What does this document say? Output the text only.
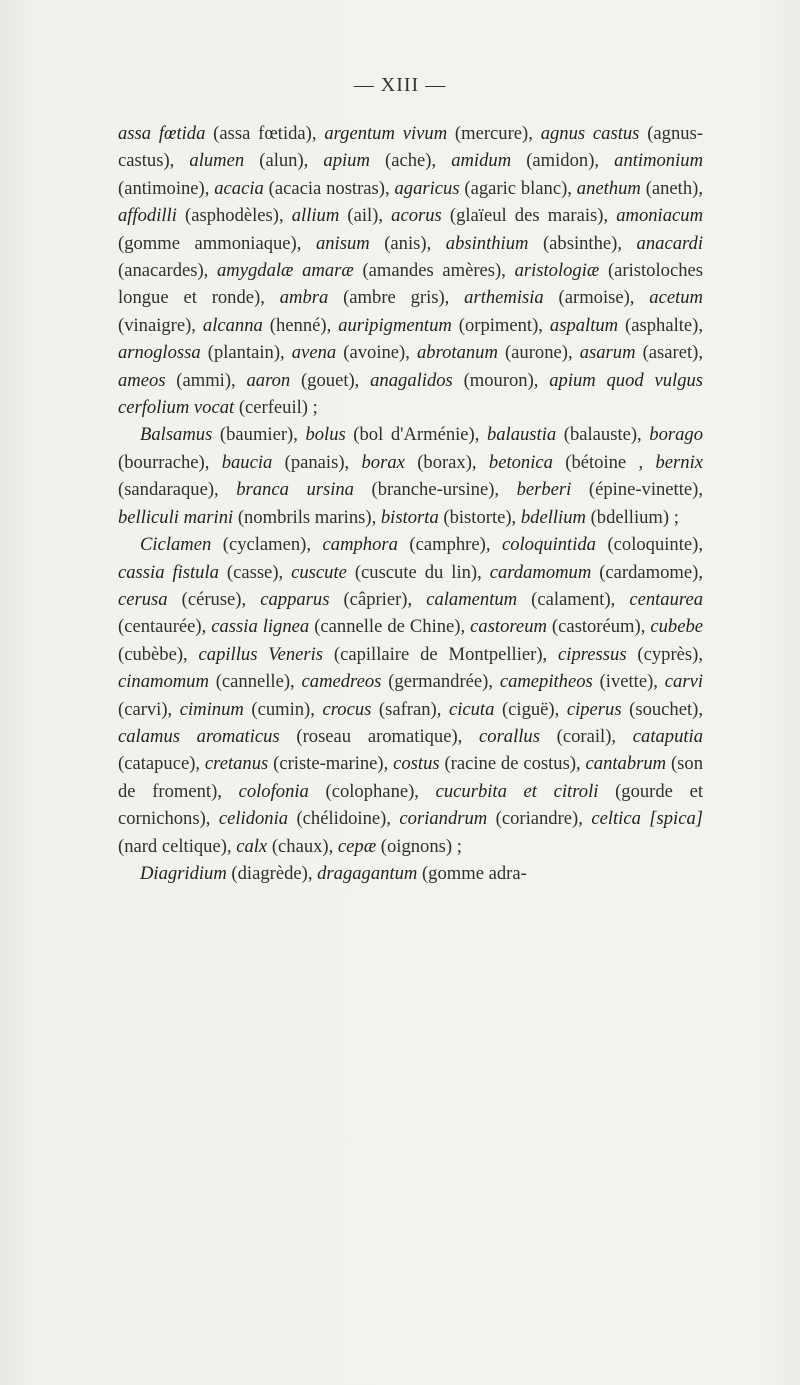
— XIII —

assa fœtida (assa fœtida), argentum vivum (mercure), agnus castus (agnus-castus), alumen (alun), apium (ache), amidum (amidon), antimonium (antimoine), acacia (acacia nostras), agaricus (agaric blanc), anethum (aneth), affodilli (asphodèles), allium (ail), acorus (glaïeul des marais), amoniacum (gomme ammoniaque), anisum (anis), absinthium (absinthe), anacardi (anacardes), amygdalæ amaræ (amandes amères), aristologiæ (aristoloches longue et ronde), ambra (ambre gris), arthemisia (armoise), acetum (vinaigre), alcanna (henné), auripigmentum (orpiment), aspaltum (asphalte), arnoglossa (plantain), avena (avoine), abrotanum (aurone), asarum (asaret), ameos (ammi), aaron (gouet), anagalidos (mouron), apium quod vulgus cerfolium vocat (cerfeuil) ;

Balsamus (baumier), bolus (bol d'Arménie), balaustia (balauste), borago (bourrache), baucia (panais), borax (borax), betonica (bétoine , bernix (sandaraque), branca ursina (branche-ursine), berberi (épine-vinette), belliculi marini (nombrils marins), bistorta (bistorte), bdellium (bdellium) ;

Ciclamen (cyclamen), camphora (camphre), coloquintida (coloquinte), cassia fistula (casse), cuscute (cuscute du lin), cardamomum (cardamome), cerusa (céruse), capparus (câprier), calamentum (calament), centaurea (centaurée), cassia lignea (cannelle de Chine), castoreum (castoréum), cubebe (cubèbe), capillus Veneris (capillaire de Montpellier), cipressus (cyprès), cinamomum (cannelle), camedreos (germandrée), camepitheos (ivette), carvi (carvi), ciminum (cumin), crocus (safran), cicuta (ciguë), ciperus (souchet), calamus aromaticus (roseau aromatique), corallus (corail), cataputia (catapuce), cretanus (criste-marine), costus (racine de costus), cantabrum (son de froment), colofonia (colophane), cucurbita et citroli (gourde et cornichons), celidonia (chélidoine), coriandrum (coriandre), celtica [spica] (nard celtique), calx (chaux), cepæ (oignons) ;

Diagridium (diagrède), dragagantum (gomme adra-
